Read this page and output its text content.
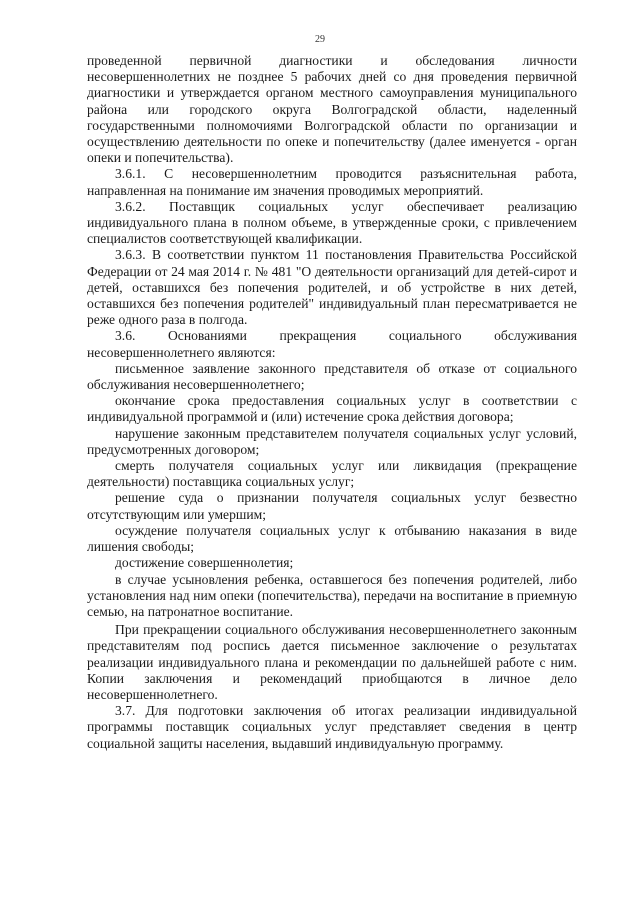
29

проведенной первичной диагностики и обследования личности несовершеннолетних не позднее 5 рабочих дней со дня проведения первичной диагностики и утверждается органом местного самоуправления муниципального района или городского округа Волгоградской области, наделенный государственными полномочиями Волгоградской области по организации и осуществлению деятельности по опеке и попечительству (далее именуется - орган опеки и попечительства).

3.6.1. С несовершеннолетним проводится разъяснительная работа, направленная на понимание им значения проводимых мероприятий.

3.6.2. Поставщик социальных услуг обеспечивает реализацию индивидуального плана в полном объеме, в утвержденные сроки, с привлечением специалистов соответствующей квалификации.

3.6.3. В соответствии пунктом 11 постановления Правительства Российской Федерации от 24 мая 2014 г. № 481 "О деятельности организаций для детей-сирот и детей, оставшихся без попечения родителей, и об устройстве в них детей, оставшихся без попечения родителей" индивидуальный план пересматривается не реже одного раза в полгода.

3.6. Основаниями прекращения социального обслуживания несовершеннолетнего являются:

письменное заявление законного представителя об отказе от социального обслуживания несовершеннолетнего;

окончание срока предоставления социальных услуг в соответствии с индивидуальной программой и (или) истечение срока действия договора;

нарушение законным представителем получателя социальных услуг условий, предусмотренных договором;

смерть получателя социальных услуг или ликвидация (прекращение деятельности) поставщика социальных услуг;

решение суда о признании получателя социальных услуг безвестно отсутствующим или умершим;

осуждение получателя социальных услуг к отбыванию наказания в виде лишения свободы;

достижение совершеннолетия;

в случае усыновления ребенка, оставшегося без попечения родителей, либо установления над ним опеки (попечительства), передачи на воспитание в приемную семью, на патронатное воспитание.

При прекращении социального обслуживания несовершеннолетнего законным представителям под роспись дается письменное заключение о результатах реализации индивидуального плана и рекомендации по дальнейшей работе с ним. Копии заключения и рекомендаций приобщаются в личное дело несовершеннолетнего.

3.7. Для подготовки заключения об итогах реализации индивидуальной программы поставщик социальных услуг представляет сведения в центр социальной защиты населения, выдавший индивидуальную программу.
